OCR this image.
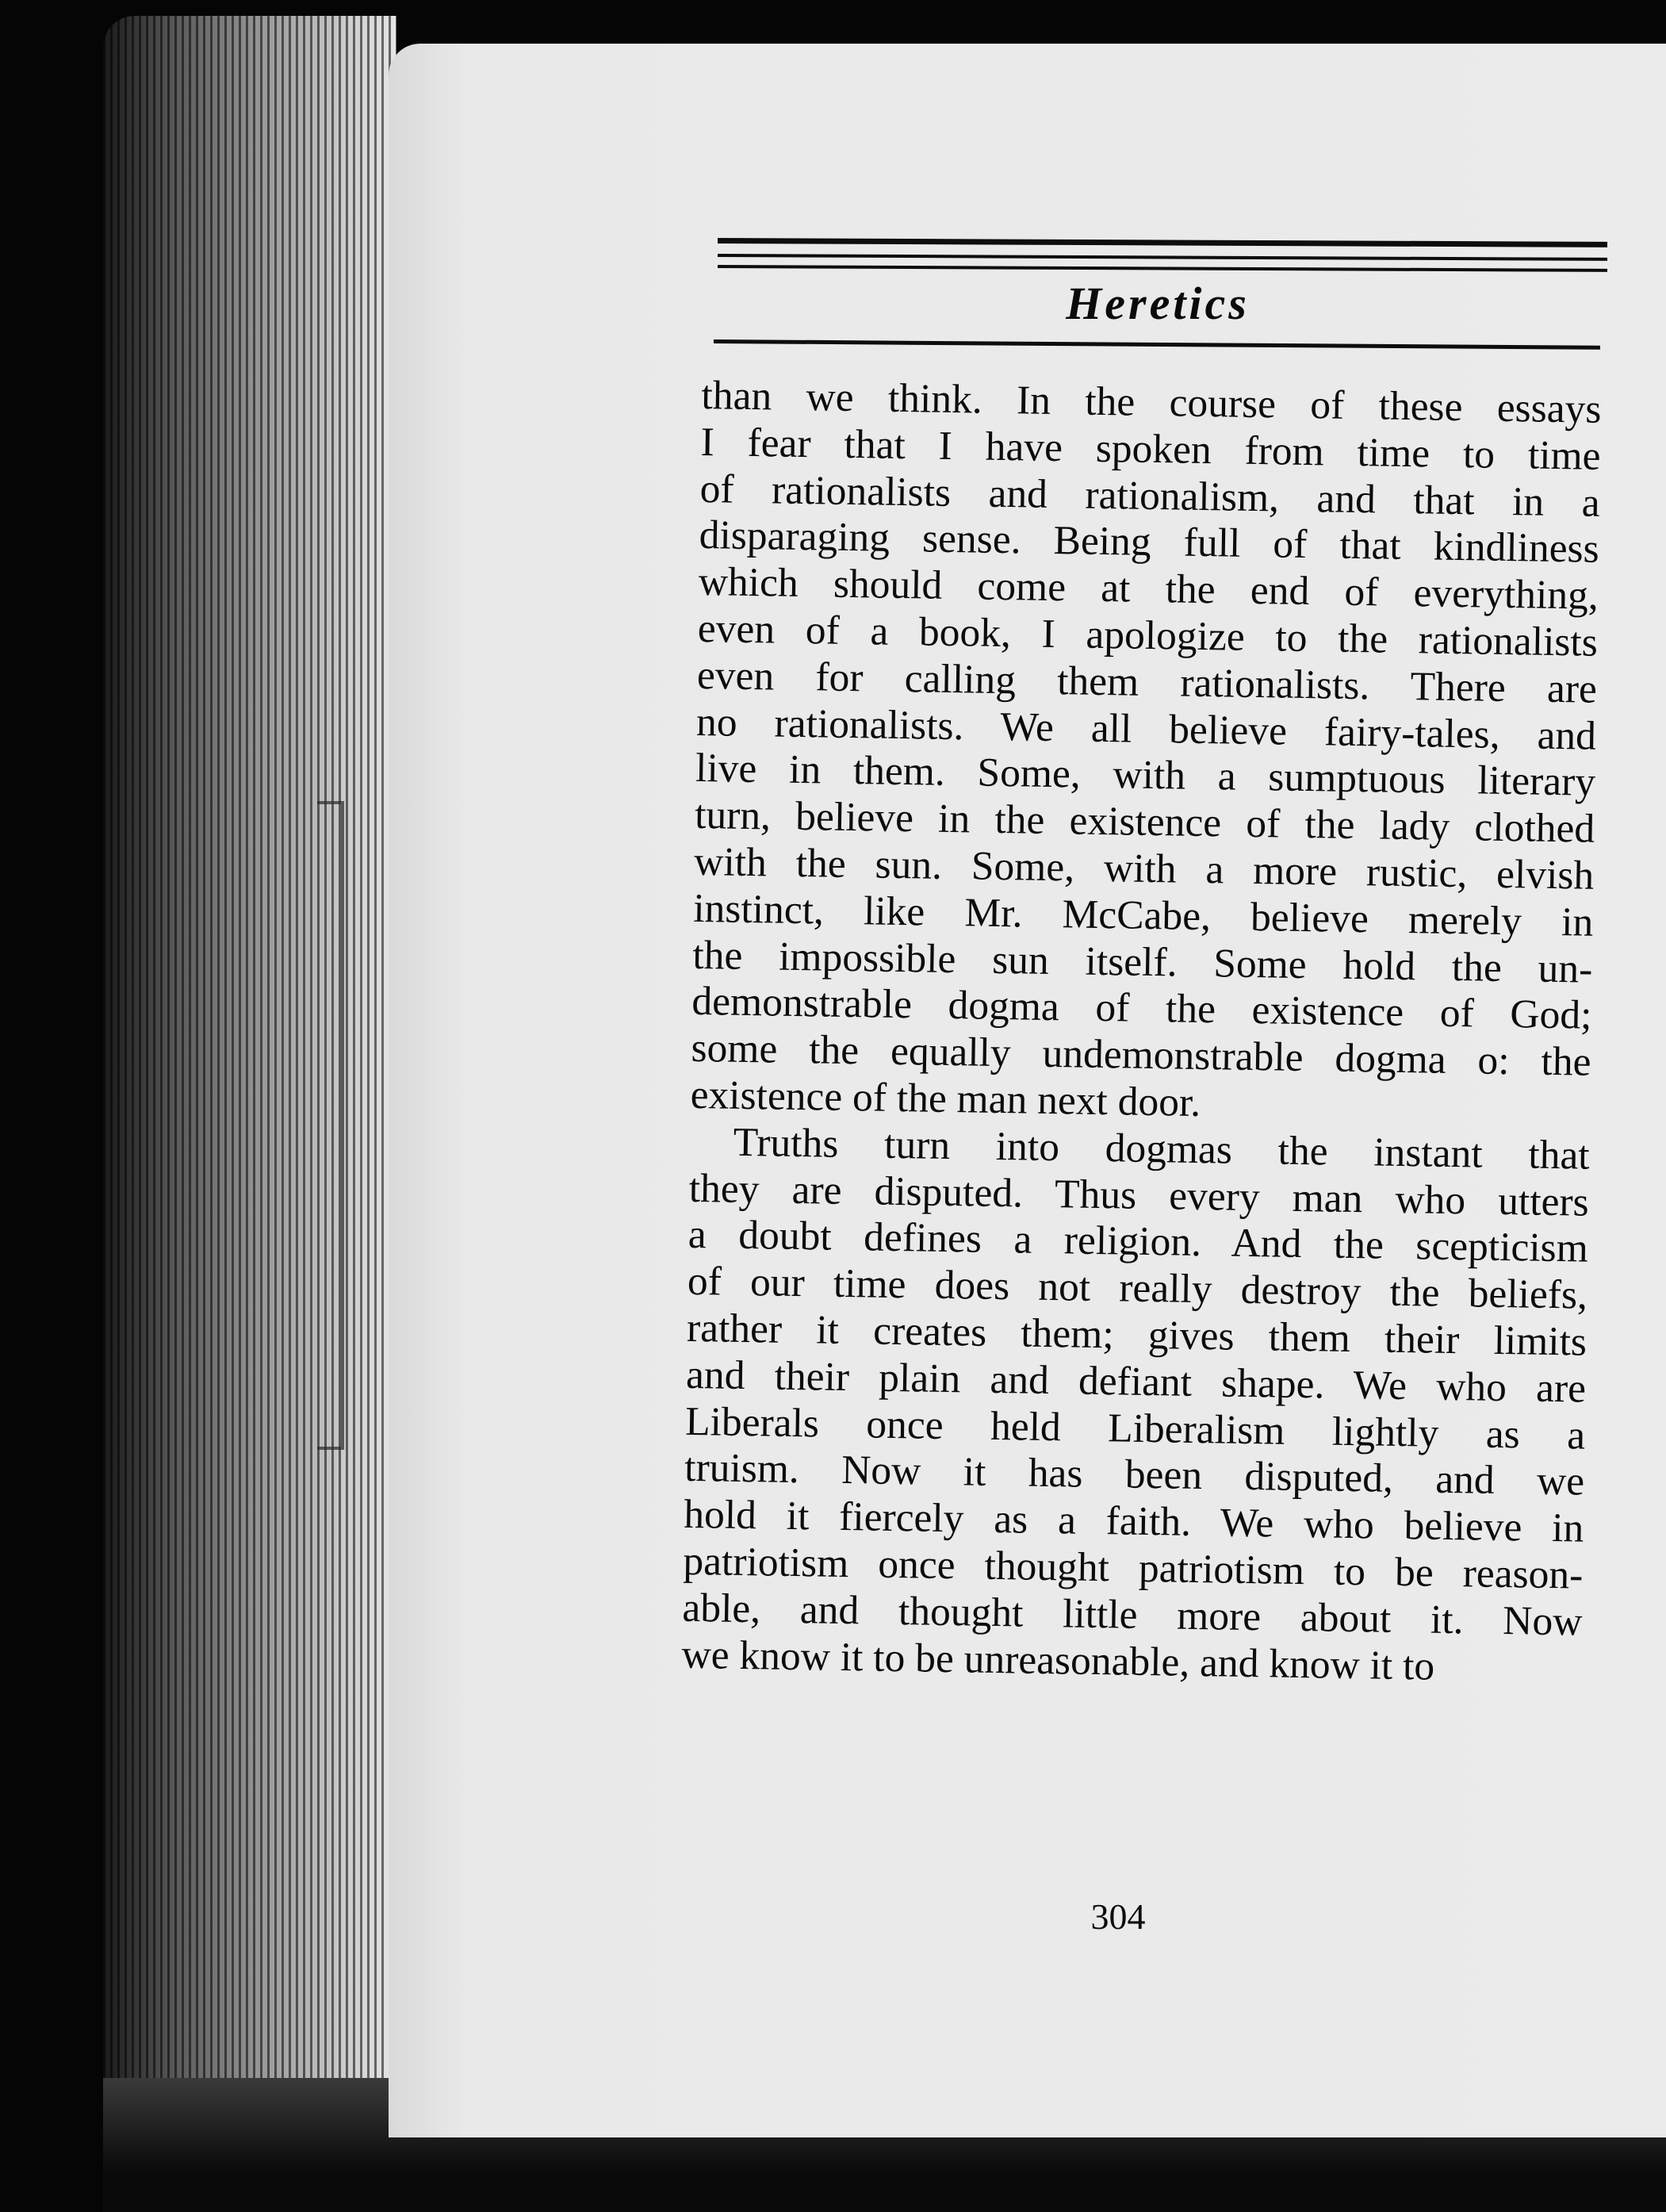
Heretics
than we think. In the course of these essays
I fear that I have spoken from time to time
of rationalists and rationalism, and that in a
disparaging sense. Being full of that kindliness
which should come at the end of everything,
even of a book, I apologize to the rationalists
even for calling them rationalists. There are
no rationalists. We all believe fairy-tales, and
live in them. Some, with a sumptuous literary
turn, believe in the existence of the lady clothed
with the sun. Some, with a more rustic, elvish
instinct, like Mr. McCabe, believe merely in
the impossible sun itself. Some hold the un-
demonstrable dogma of the existence of God;
some the equally undemonstrable dogma o: the
existence of the man next door.
Truths turn into dogmas the instant that
they are disputed. Thus every man who utters
a doubt defines a religion. And the scepticism
of our time does not really destroy the beliefs,
rather it creates them; gives them their limits
and their plain and defiant shape. We who are
Liberals once held Liberalism lightly as a
truism. Now it has been disputed, and we
hold it fiercely as a faith. We who believe in
patriotism once thought patriotism to be reason-
able, and thought little more about it. Now
we know it to be unreasonable, and know it to
304
